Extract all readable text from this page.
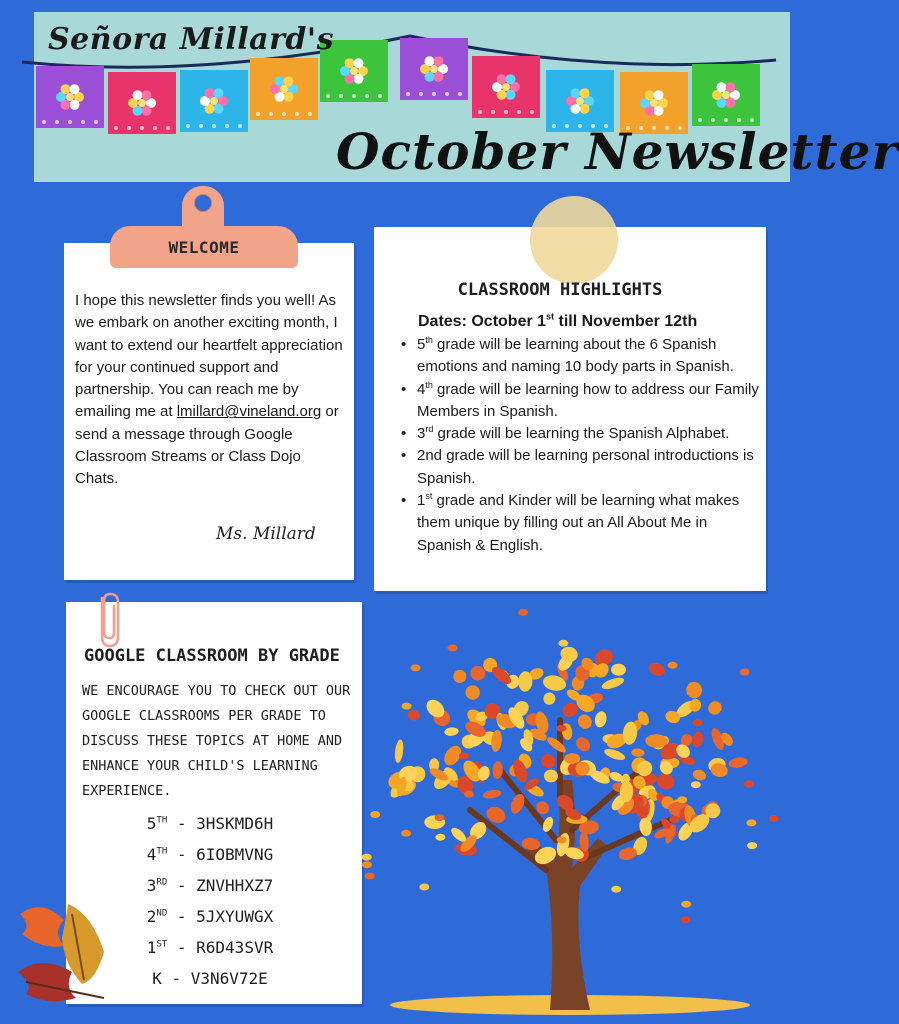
Señora Millard's
October Newsletter
WELCOME
I hope this newsletter finds you well! As we embark on another exciting month, I want to extend our heartfelt appreciation for your continued support and partnership. You can reach me by emailing me at lmillard@vineland.org or send a message through Google Classroom Streams or Class Dojo Chats.
Ms. Millard
CLASSROOM HIGHLIGHTS
Dates: October 1st till November 12th
• 5th grade will be learning about the 6 Spanish emotions and naming 10 body parts in Spanish.
• 4th grade will be learning how to address our Family Members in Spanish.
• 3rd grade will be learning the Spanish Alphabet.
• 2nd grade will be learning personal introductions is Spanish.
• 1st grade and Kinder will be learning what makes them unique by filling out an All About Me in Spanish & English.
GOOGLE CLASSROOM BY GRADE
WE ENCOURAGE YOU TO CHECK OUT OUR GOOGLE CLASSROOMS PER GRADE TO DISCUSS THESE TOPICS AT HOME AND ENHANCE YOUR CHILD'S LEARNING EXPERIENCE.
5TH - 3HSKMD6H
4TH - 6IOBMVNG
3RD - ZNVHHXZ7
2ND - 5JXYUWGX
1ST - R6D43SVR
K - V3N6V72E
